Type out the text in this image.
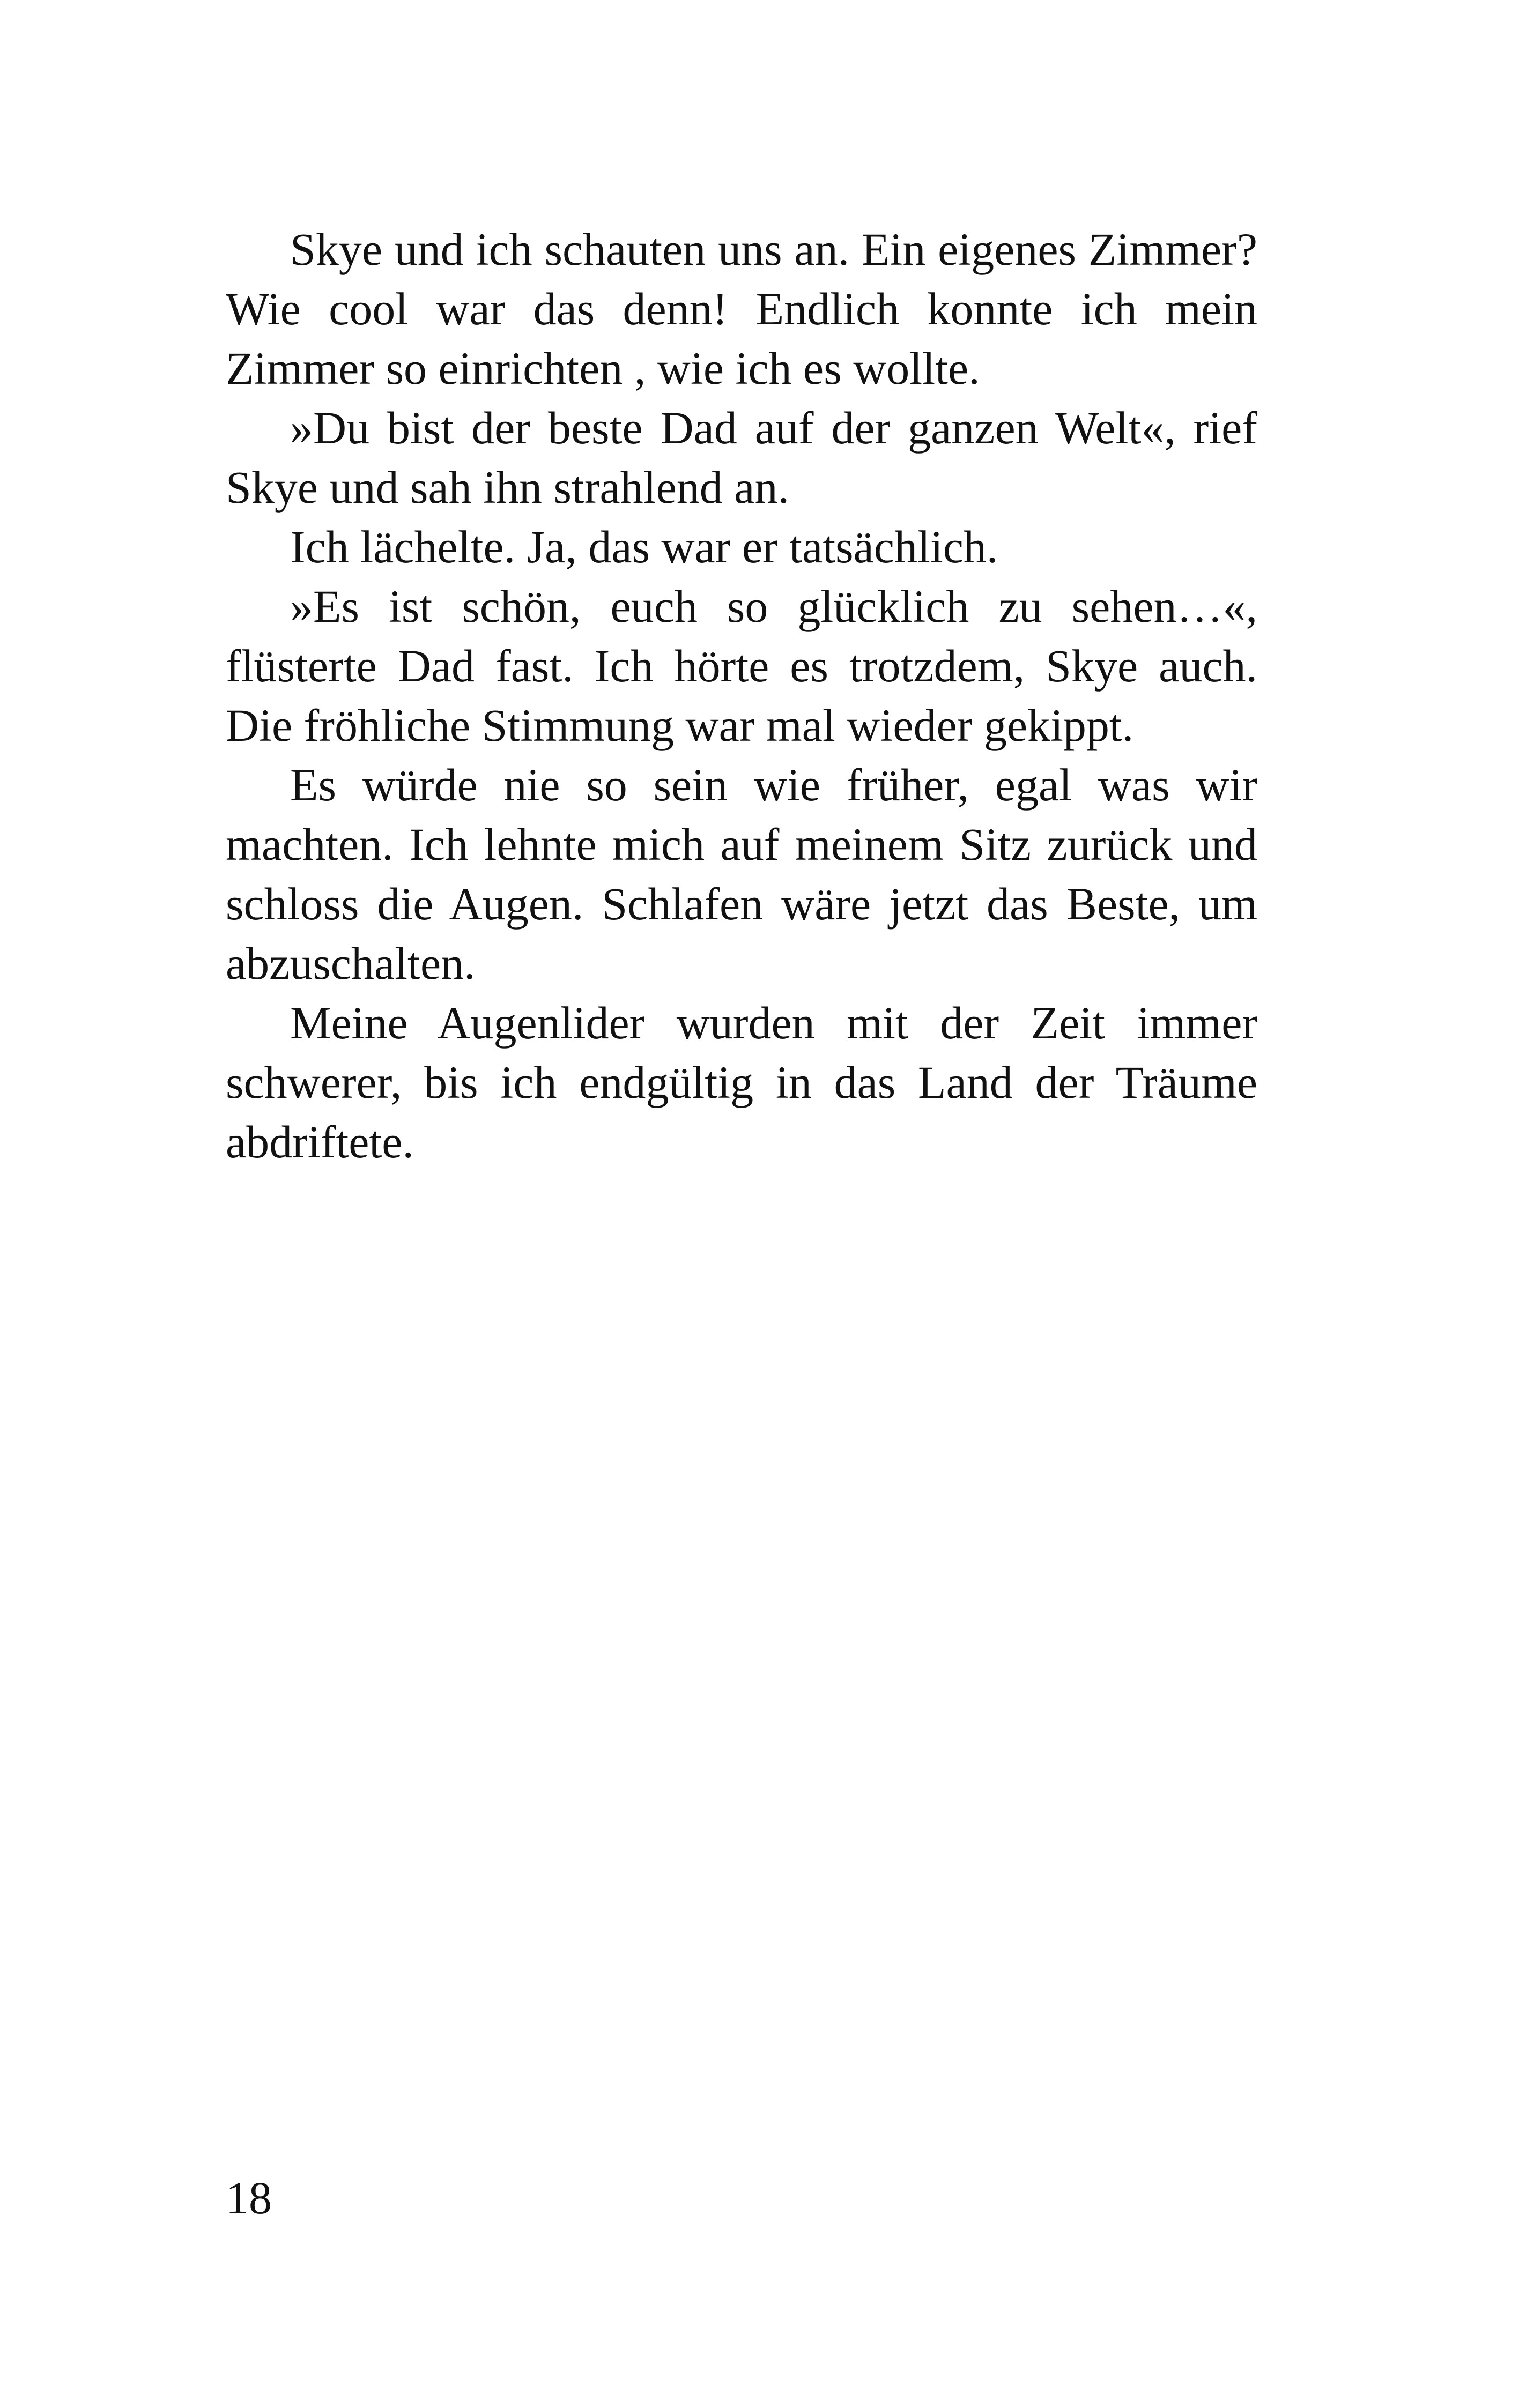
Skye und ich schauten uns an. Ein eigenes Zimmer? Wie cool war das denn! Endlich konnte ich mein Zimmer so einrichten , wie ich es wollte.

»Du bist der beste Dad auf der ganzen Welt«, rief Skye und sah ihn strahlend an.

Ich lächelte. Ja, das war er tatsächlich.

»Es ist schön, euch so glücklich zu sehen…«, flüsterte Dad fast. Ich hörte es trotzdem, Skye auch. Die fröhliche Stimmung war mal wieder gekippt.

Es würde nie so sein wie früher, egal was wir machten. Ich lehnte mich auf meinem Sitz zurück und schloss die Augen. Schlafen wäre jetzt das Beste, um abzuschalten.

Meine Augenlider wurden mit der Zeit immer schwerer, bis ich endgültig in das Land der Träume abdriftete.

18
